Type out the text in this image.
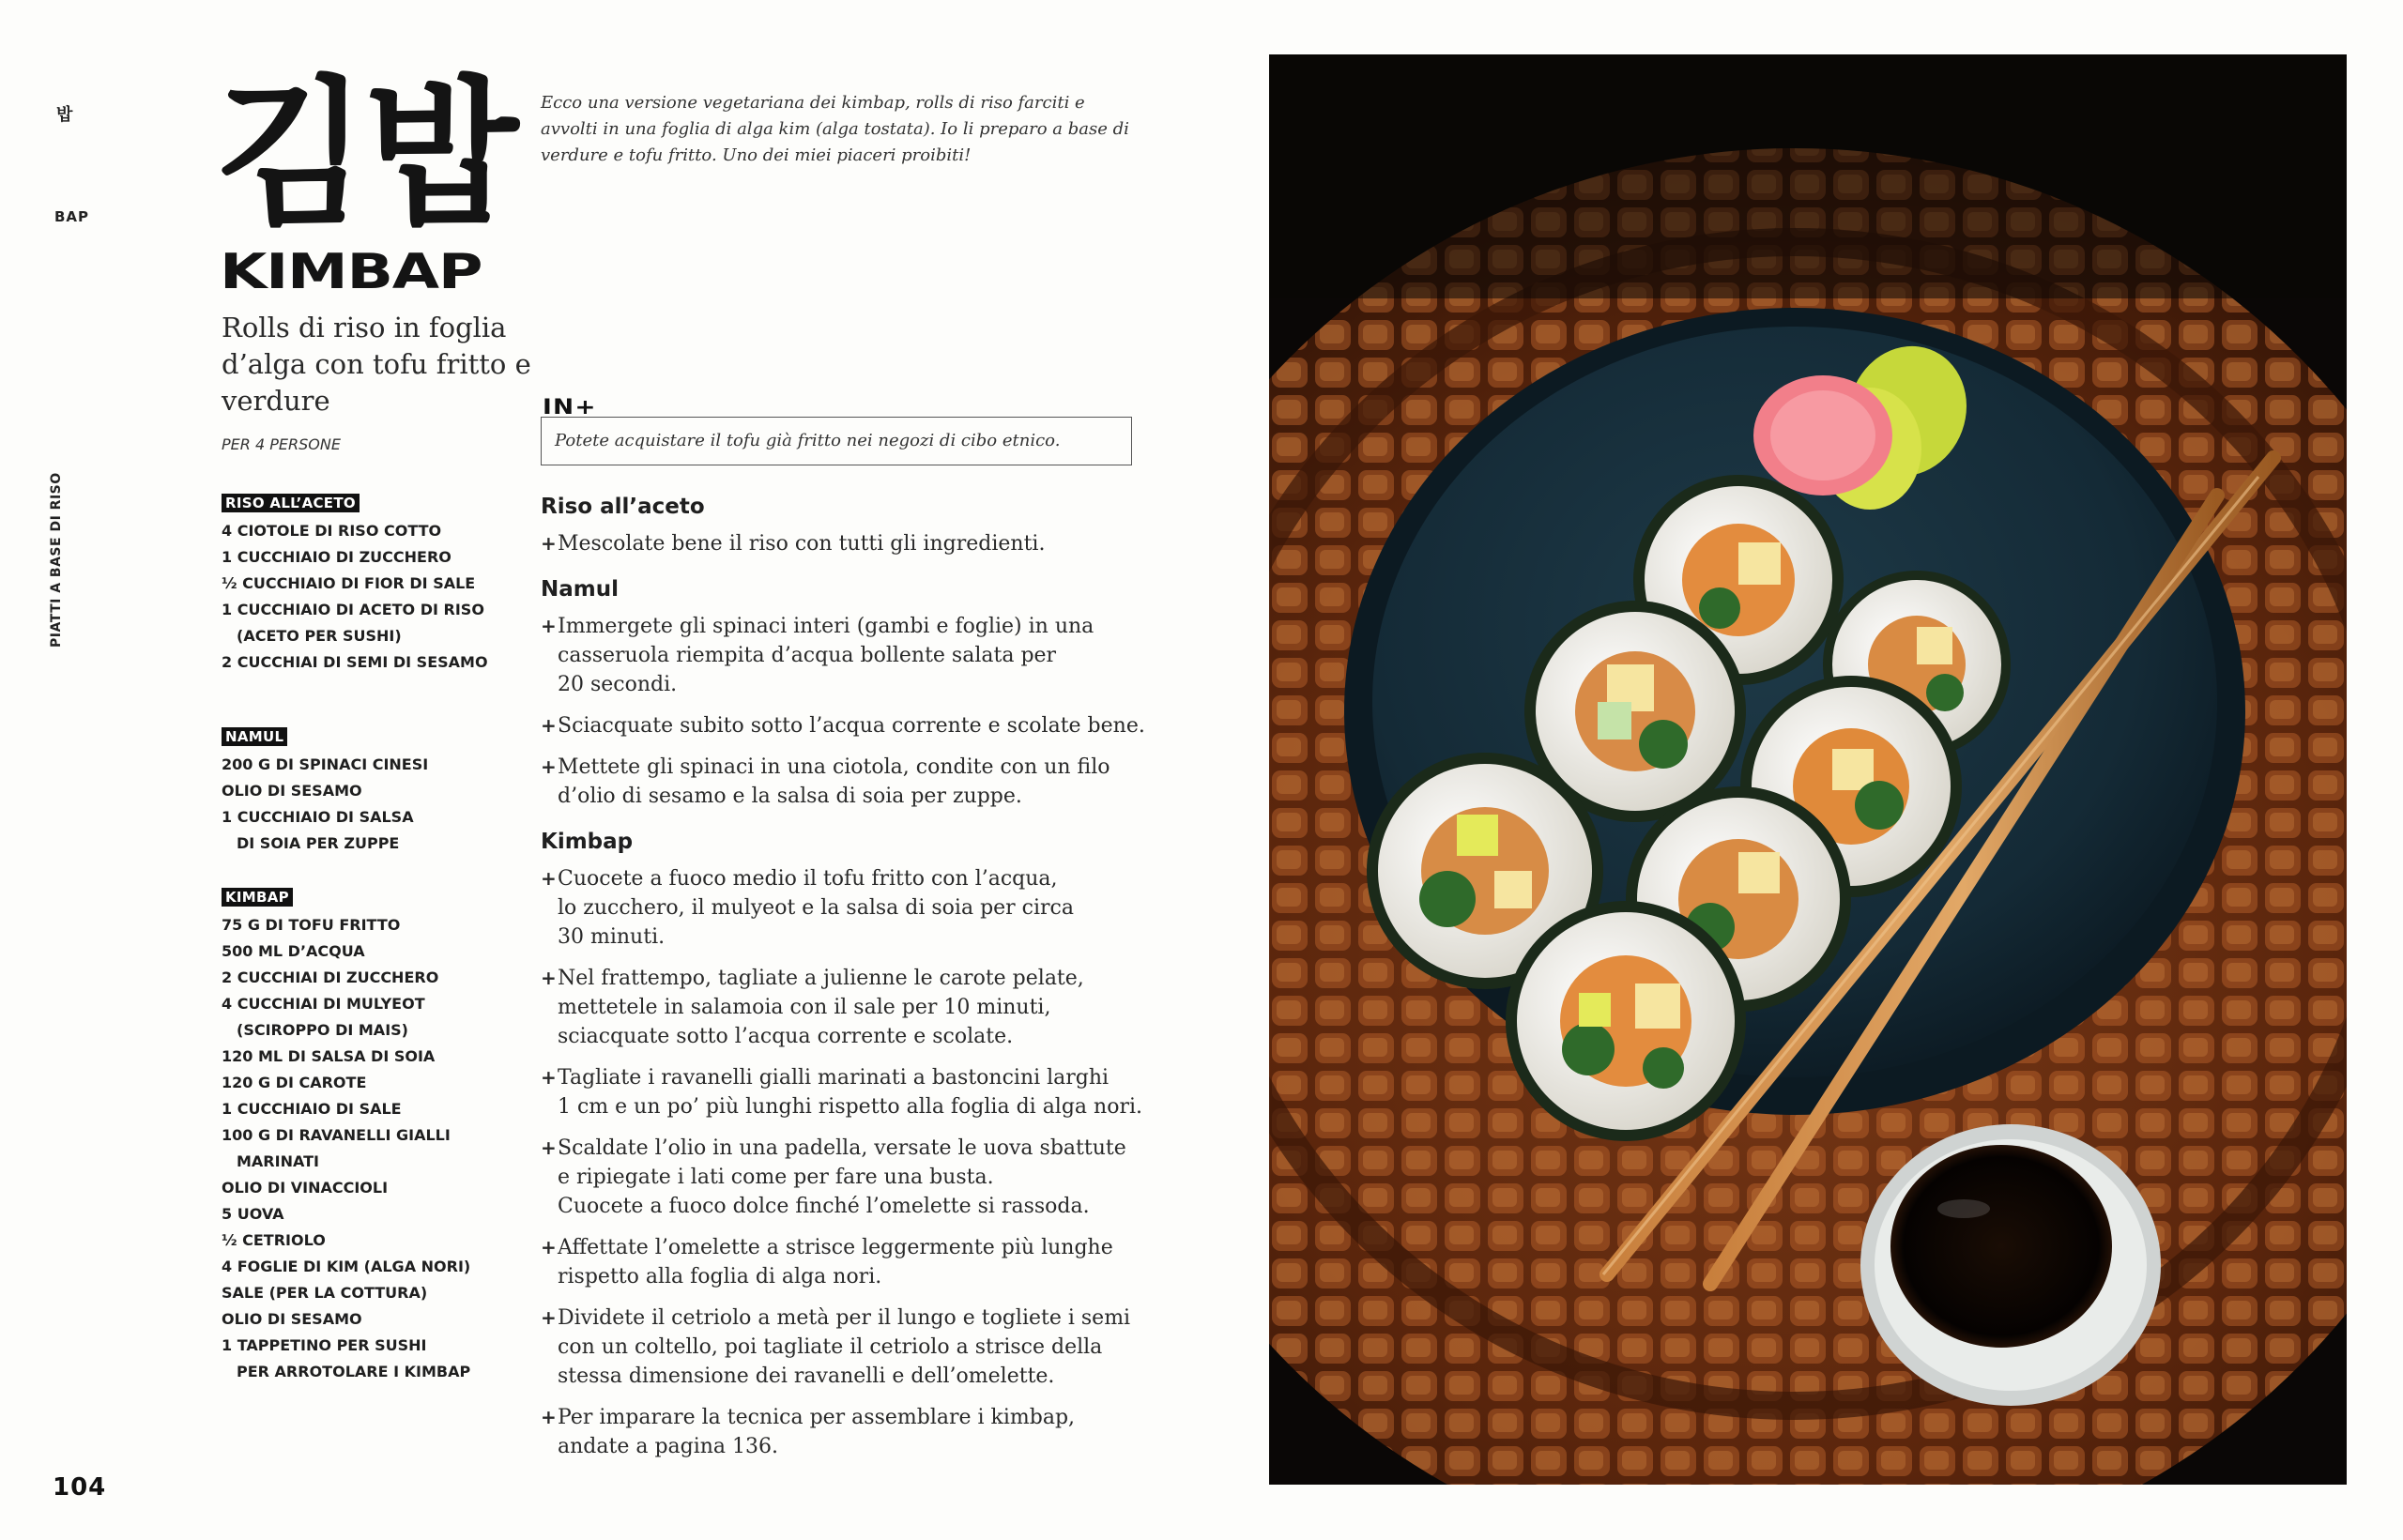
밥
BAP
PIATTI A BASE DI RISO
104
김밥
KIMBAP
Rolls di riso in foglia d’alga con tofu fritto e verdure
Ecco una versione vegetariana dei kimbap, rolls di riso farciti e avvolti in una foglia di alga kim (alga tostata). Io li preparo a base di verdure e tofu fritto. Uno dei miei piaceri proibiti!
PER 4 PERSONE
RISO ALL’ACETO
4 CIOTOLE DI RISO COTTO
1 CUCCHIAIO DI ZUCCHERO
½ CUCCHIAIO DI FIOR DI SALE
1 CUCCHIAIO DI ACETO DI RISO
(ACETO PER SUSHI)
2 CUCCHIAI DI SEMI DI SESAMO
NAMUL
200 G DI SPINACI CINESI
OLIO DI SESAMO
1 CUCCHIAIO DI SALSA
DI SOIA PER ZUPPE
KIMBAP
75 G DI TOFU FRITTO
500 ML D’ACQUA
2 CUCCHIAI DI ZUCCHERO
4 CUCCHIAI DI MULYEOT
(SCIROPPO DI MAIS)
120 ML DI SALSA DI SOIA
120 G DI CAROTE
1 CUCCHIAIO DI SALE
100 G DI RAVANELLI GIALLI
MARINATI
OLIO DI VINACCIOLI
5 UOVA
½ CETRIOLO
4 FOGLIE DI KIM (ALGA NORI)
SALE (PER LA COTTURA)
OLIO DI SESAMO
1 TAPPETINO PER SUSHI
PER ARROTOLARE I KIMBAP
IN+
Potete acquistare il tofu già fritto nei negozi di cibo etnico.
Riso all’aceto
+ Mescolate bene il riso con tutti gli ingredienti.
Namul
+ Immergete gli spinaci interi (gambi e foglie) in una
casseruola riempita d’acqua bollente salata per
20 secondi.
+ Sciacquate subito sotto l’acqua corrente e scolate bene.
+ Mettete gli spinaci in una ciotola, condite con un filo
d’olio di sesamo e la salsa di soia per zuppe.
Kimbap
+ Cuocete a fuoco medio il tofu fritto con l’acqua,
lo zucchero, il mulyeot e la salsa di soia per circa
30 minuti.
+ Nel frattempo, tagliate a julienne le carote pelate,
mettetele in salamoia con il sale per 10 minuti,
sciacquate sotto l’acqua corrente e scolate.
+ Tagliate i ravanelli gialli marinati a bastoncini larghi
1 cm e un po’ più lunghi rispetto alla foglia di alga nori.
+ Scaldate l’olio in una padella, versate le uova sbattute
e ripiegate i lati come per fare una busta.
Cuocete a fuoco dolce finché l’omelette si rassoda.
+ Affettate l’omelette a strisce leggermente più lunghe
rispetto alla foglia di alga nori.
+ Dividete il cetriolo a metà per il lungo e togliete i semi
con un coltello, poi tagliate il cetriolo a strisce della
stessa dimensione dei ravanelli e dell’omelette.
+ Per imparare la tecnica per assemblare i kimbap,
andate a pagina 136.
